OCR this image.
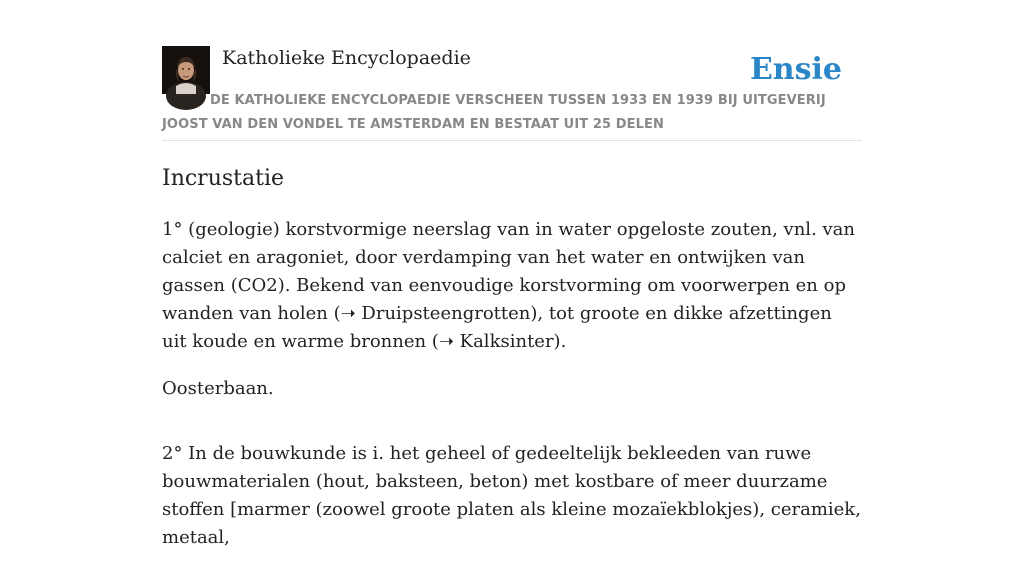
Katholieke Encyclopaedie	Ensie
DE KATHOLIEKE ENCYCLOPAEDIE VERSCHEEN TUSSEN 1933 EN 1939 BIJ UITGEVERIJ JOOST VAN DEN VONDEL TE AMSTERDAM EN BESTAAT UIT 25 DELEN
Incrustatie

1° (geologie) korstvormige neerslag van in water opgeloste zouten, vnl. van calciet en aragoniet, door verdamping van het water en ontwijken van gassen (CO2). Bekend van eenvoudige korstvorming om voorwerpen en op wanden van holen (➝ Druipsteengrotten), tot groote en dikke afzettingen uit koude en warme bronnen (➝ Kalksinter).

Oosterbaan.

2° In de bouwkunde is i. het geheel of gedeeltelijk bekleeden van ruwe bouwmaterialen (hout, baksteen, beton) met kostbare of meer duurzame stoffen [marmer (zoowel groote platen als kleine mozaïekblokjes), ceramiek, metaal,
